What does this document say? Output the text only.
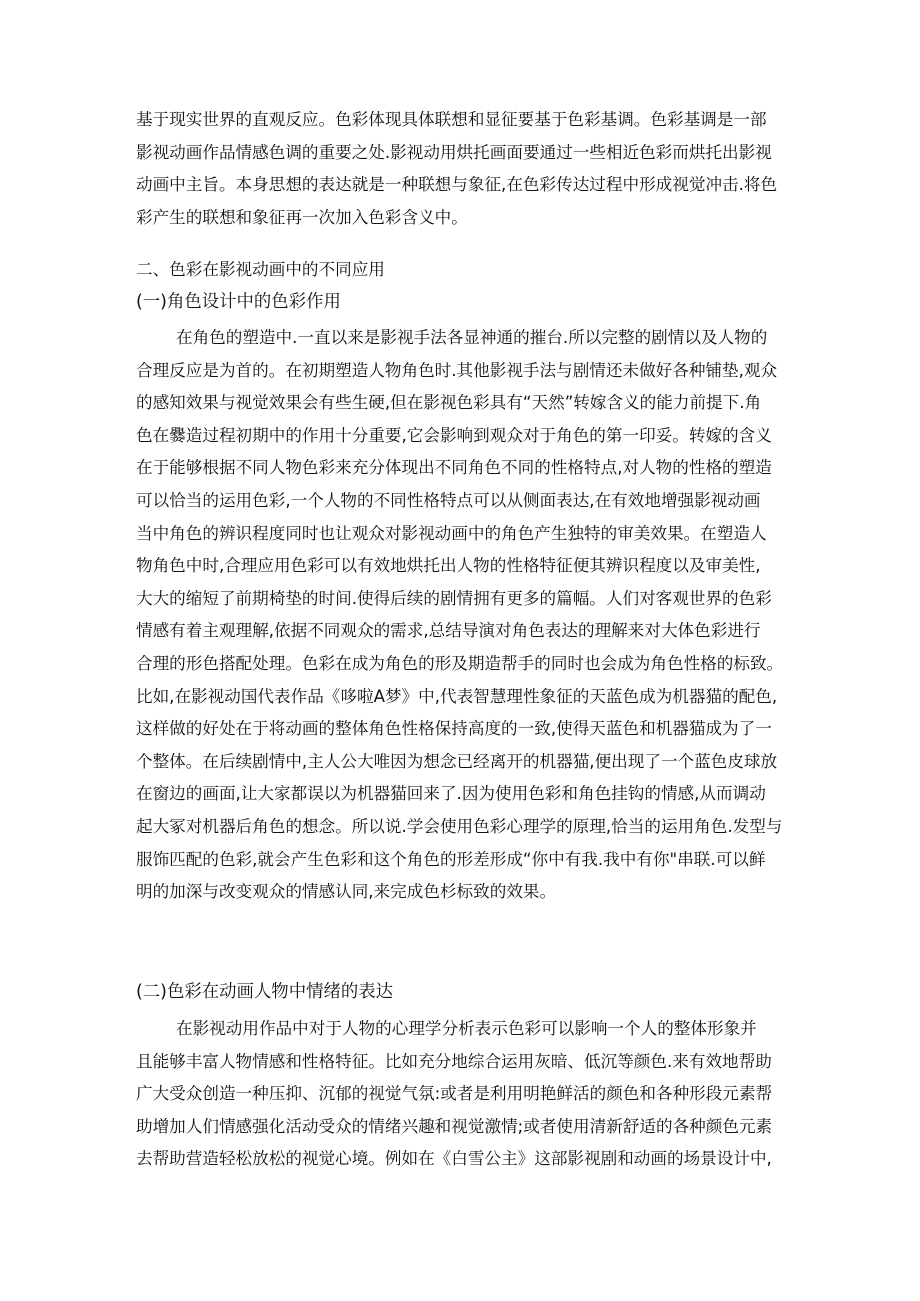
基于现实世界的直观反应。色彩体现具体联想和显征要基于色彩基调。色彩基调是一部
影视动画作品情感色调的重要之处.影视动用烘托画面要通过一些相近色彩而烘托出影视
动画中主旨。本身思想的表达就是一种联想与象征,在色彩传达过程中形成视觉冲击.将色
彩产生的联想和象征再一次加入色彩含义中。
二、色彩在影视动画中的不同应用
(一)角色设计中的色彩作用
在角色的塑造中.一直以来是影视手法各显神通的摧台.所以完整的剧情以及人物的
合理反应是为首的。在初期塑造人物角色时.其他影视手法与剧情还未做好各种铺垫,观众
的感知效果与视觉效果会有些生硬,但在影视色彩具有“天然”转嫁含义的能力前提下.角
色在爨造过程初期中的作用十分重要,它会影响到观众对于角色的第一印妥。转嫁的含义
在于能够根据不同人物色彩来充分体现出不同角色不同的性格特点,对人物的性格的塑造
可以恰当的运用色彩,一个人物的不同性格特点可以从侧面表达,在有效地增强影视动画
当中角色的辨识程度同时也让观众对影视动画中的角色产生独特的审美效果。在塑造人
物角色中时,合理应用色彩可以有效地烘托出人物的性格特征便其辨识程度以及审美性,
大大的缩短了前期椅垫的时间.使得后续的剧情拥有更多的篇幅。人们对客观世界的色彩
情感有着主观理解,依据不同观众的需求,总结导演对角色表达的理解来对大体色彩进行
合理的形色搭配处理。色彩在成为角色的形及期造帮手的同时也会成为角色性格的标致。
比如,在影视动国代表作品《哆啦A梦》中,代表智慧理性象征的天蓝色成为机器猫的配色,
这样做的好处在于将动画的整体角色性格保持高度的一致,使得天蓝色和机器猫成为了一
个整体。在后续剧情中,主人公大唯因为想念已经离开的机器猫,便出现了一个蓝色皮球放
在窗边的画面,让大家都误以为机器猫回来了.因为使用色彩和角色挂钩的情感,从而调动
起大冢对机器后角色的想念。所以说.学会使用色彩心理学的原理,恰当的运用角色.发型与
服饰匹配的色彩,就会产生色彩和这个角色的形差形成“你中有我.我中有你"串联.可以鲜
明的加深与改变观众的情感认同,来完成色杉标致的效果。
(二)色彩在动画人物中情绪的表达
在影视动用作品中对于人物的心理学分析表示色彩可以影响一个人的整体形象并
且能够丰富人物情感和性格特征。比如充分地综合运用灰暗、低沉等颜色.来有效地帮助
广大受众创造一种压抑、沉郁的视觉气氛:或者是利用明艳鲜活的颜色和各种形段元素帮
助增加人们情感强化活动受众的情绪兴趣和视觉激情;或者使用清新舒适的各种颜色元素
去帮助营造轻松放松的视觉心境。例如在《白雪公主》这部影视剧和动画的场景设计中,
